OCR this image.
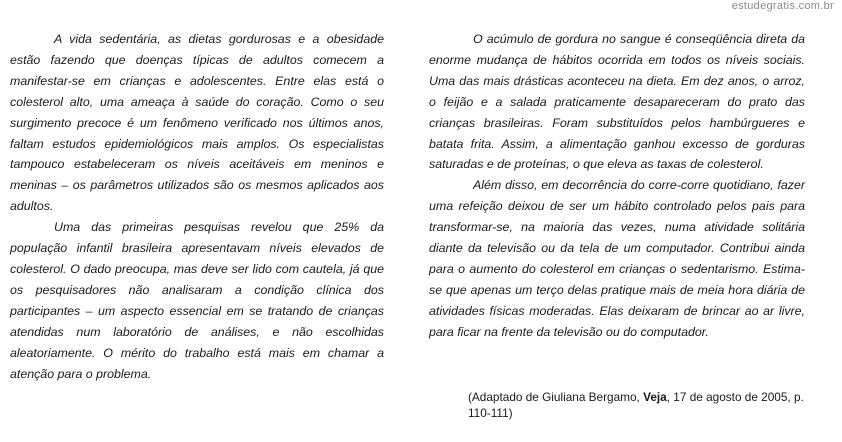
estudegratis.com.br

A vida sedentária, as dietas gordurosas e a obesidade estão fazendo que doenças típicas de adultos comecem a manifestar-se em crianças e adolescentes. Entre elas está o colesterol alto, uma ameaça à saúde do coração. Como o seu surgimento precoce é um fenômeno verificado nos últimos anos, faltam estudos epidemiológicos mais amplos. Os especialistas tampouco estabeleceram os níveis aceitáveis em meninos e meninas – os parâmetros utilizados são os mesmos aplicados aos adultos.

Uma das primeiras pesquisas revelou que 25% da população infantil brasileira apresentavam níveis elevados de colesterol. O dado preocupa, mas deve ser lido com cautela, já que os pesquisadores não analisaram a condição clínica dos participantes – um aspecto essencial em se tratando de crianças atendidas num laboratório de análises, e não escolhidas aleatoriamente. O mérito do trabalho está mais em chamar a atenção para o problema.

O acúmulo de gordura no sangue é conseqüência direta da enorme mudança de hábitos ocorrida em todos os níveis sociais. Uma das mais drásticas aconteceu na dieta. Em dez anos, o arroz, o feijão e a salada praticamente desapareceram do prato das crianças brasileiras. Foram substituídos pelos hambúrgueres e batata frita. Assim, a alimentação ganhou excesso de gorduras saturadas e de proteínas, o que eleva as taxas de colesterol.

Além disso, em decorrência do corre-corre quotidiano, fazer uma refeição deixou de ser um hábito controlado pelos pais para transformar-se, na maioria das vezes, numa atividade solitária diante da televisão ou da tela de um computador. Contribui ainda para o aumento do colesterol em crianças o sedentarismo. Estima-se que apenas um terço delas pratique mais de meia hora diária de atividades físicas moderadas. Elas deixaram de brincar ao ar livre, para ficar na frente da televisão ou do computador.

(Adaptado de Giuliana Bergamo, Veja, 17 de agosto de 2005, p. 110-111)
